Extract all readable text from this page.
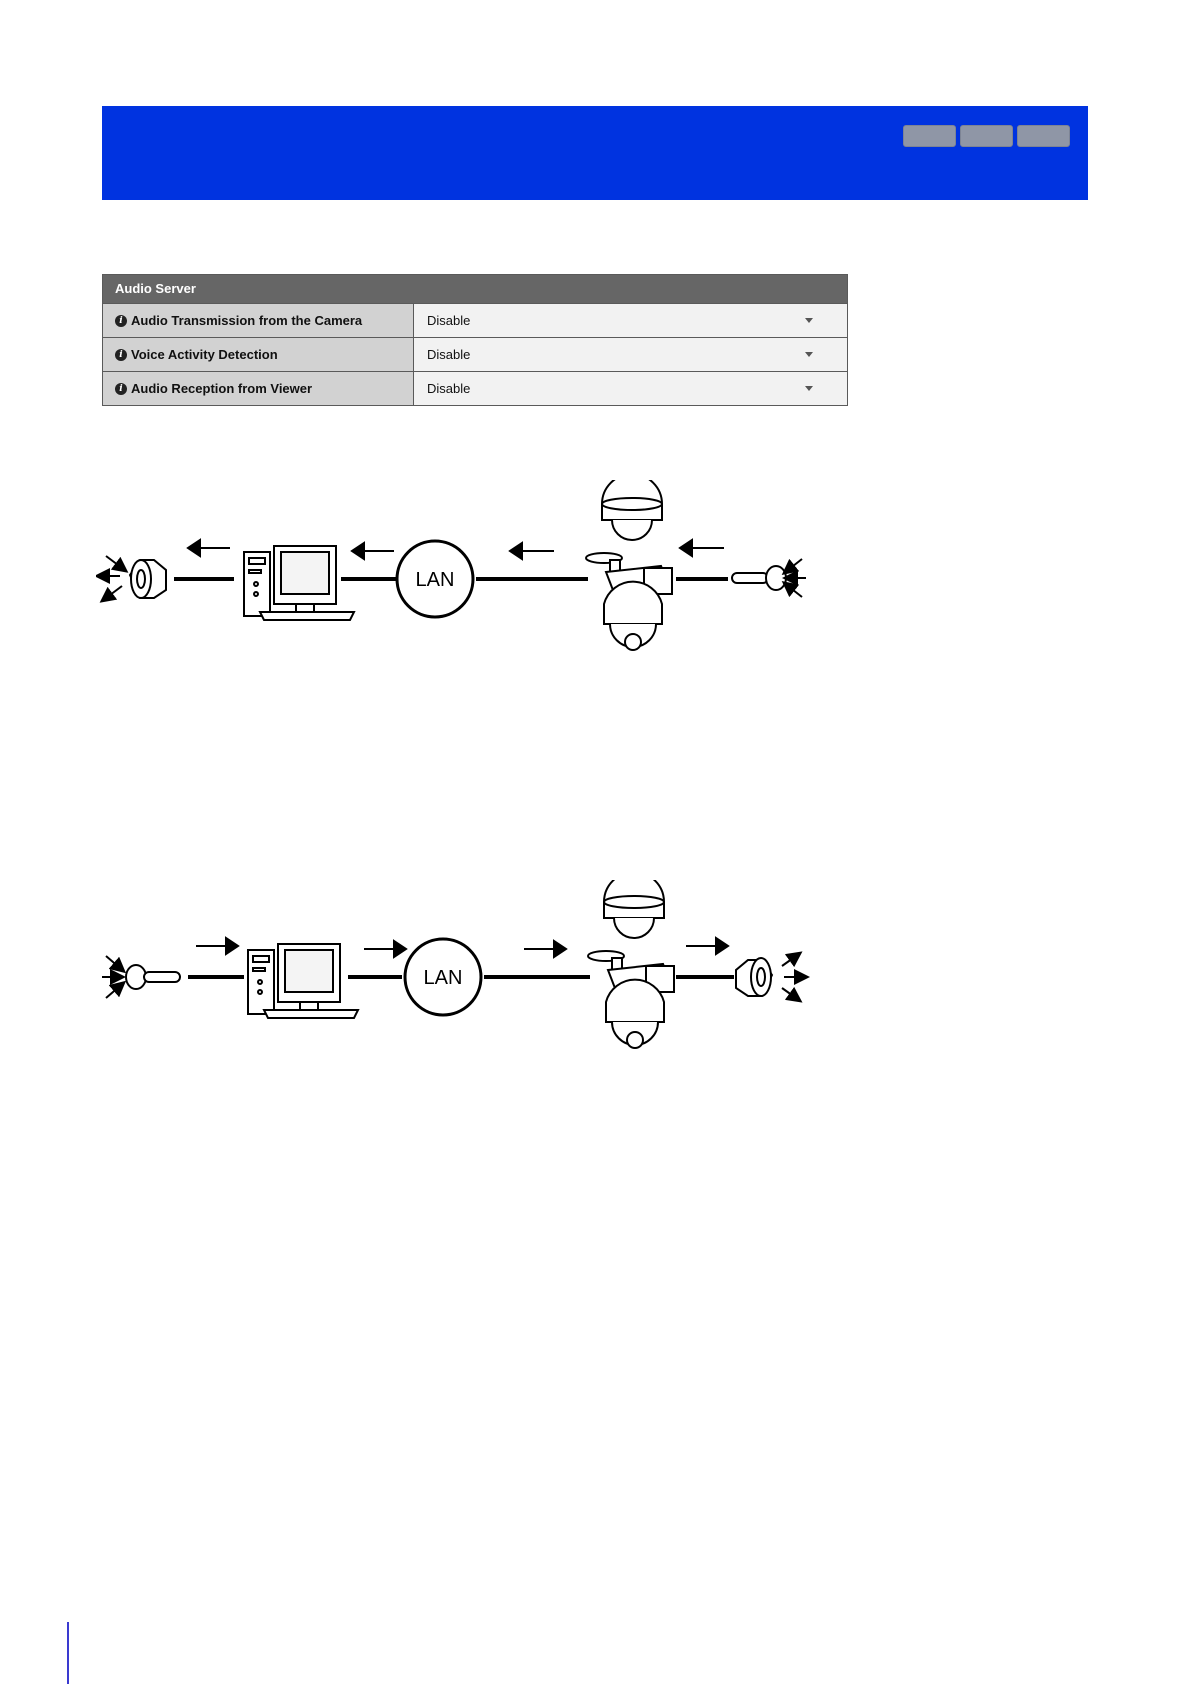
Audio Server
i Audio Transmission from the Camera	Disable
i Voice Activity Detection	Disable
i Audio Reception from Viewer	Disable
LAN
LAN
